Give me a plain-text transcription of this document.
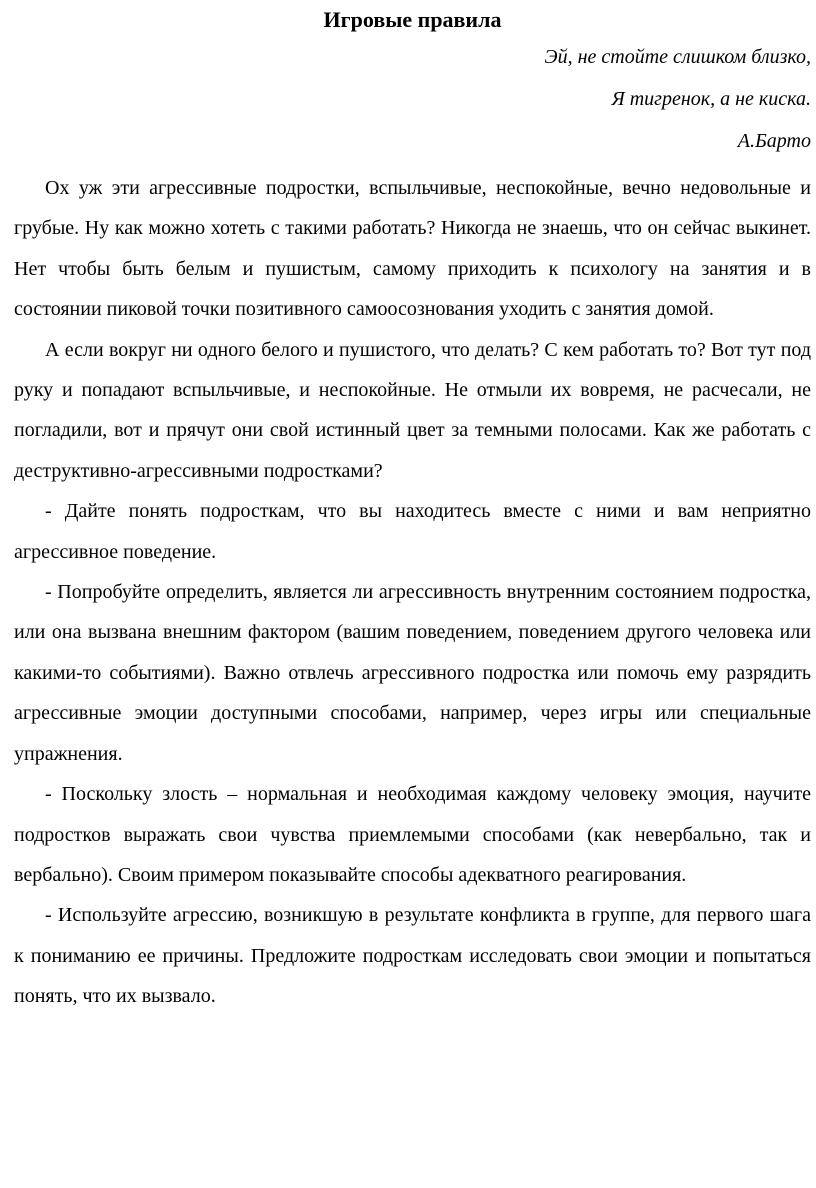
Игровые правила
Эй, не стойте слишком близко,
Я тигренок, а не киска.
А.Барто

Ох уж эти агрессивные подростки, вспыльчивые, неспокойные, вечно недовольные и грубые. Ну как можно хотеть с такими работать? Никогда не знаешь, что он сейчас выкинет. Нет чтобы быть белым и пушистым, самому приходить к психологу на занятия и в состоянии пиковой точки позитивного самоосознования уходить с занятия домой.

А если вокруг ни одного белого и пушистого, что делать? С кем работать то? Вот тут под руку и попадают вспыльчивые, и неспокойные. Не отмыли их вовремя, не расчесали, не погладили, вот и прячут они свой истинный цвет за темными полосами. Как же работать с деструктивно-агрессивными подростками?

- Дайте понять подросткам, что вы находитесь вместе с ними и вам неприятно агрессивное поведение.

- Попробуйте определить, является ли агрессивность внутренним состоянием подростка, или она вызвана внешним фактором (вашим поведением, поведением другого человека или какими-то событиями). Важно отвлечь агрессивного подростка или помочь ему разрядить агрессивные эмоции доступными способами, например, через игры или специальные упражнения.

- Поскольку злость – нормальная и необходимая каждому человеку эмоция, научите подростков выражать свои чувства приемлемыми способами (как невербально, так и вербально). Своим примером показывайте способы адекватного реагирования.

- Используйте агрессию, возникшую в результате конфликта в группе, для первого шага к пониманию ее причины. Предложите подросткам исследовать свои эмоции и попытаться понять, что их вызвало.
